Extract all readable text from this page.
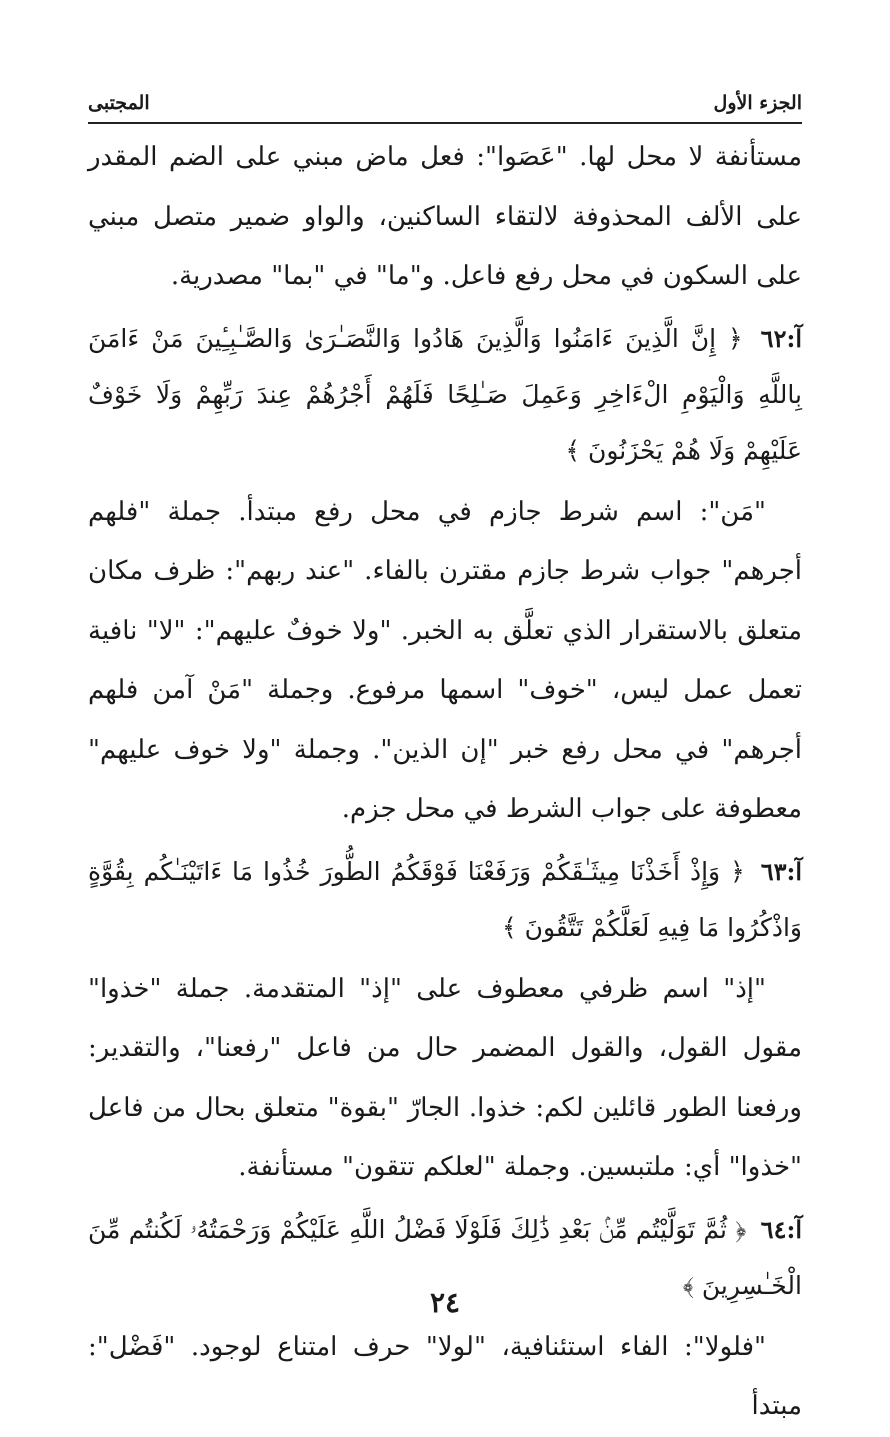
الجزء الأول
المجتبى

مستأنفة لا محل لها. "عَصَوا": فعل ماض مبني على الضم المقدر على الألف المحذوفة لالتقاء الساكنين، والواو ضمير متصل مبني على السكون في محل رفع فاعل. و"ما" في "بما" مصدرية.

آ:٦٢ ﴿ إِنَّ الَّذِينَ ءَامَنُوا وَالَّذِينَ هَادُوا وَالنَّصَـٰرَىٰ وَالصَّـٰبِـِٔينَ مَنْ ءَامَنَ بِاللَّهِ وَالْيَوْمِ الْءَاخِرِ وَعَمِلَ صَـٰلِحًا فَلَهُمْ أَجْرُهُمْ عِندَ رَبِّهِمْ وَلَا خَوْفٌ عَلَيْهِمْ وَلَا هُمْ يَحْزَنُونَ ﴾

"مَن": اسم شرط جازم في محل رفع مبتدأ. جملة "فلهم أجرهم" جواب شرط جازم مقترن بالفاء. "عند ربهم": ظرف مكان متعلق بالاستقرار الذي تعلَّق به الخبر. "ولا خوفٌ عليهم": "لا" نافية تعمل عمل ليس، "خوف" اسمها مرفوع. وجملة "مَنْ آمن فلهم أجرهم" في محل رفع خبر "إن الذين". وجملة "ولا خوف عليهم" معطوفة على جواب الشرط في محل جزم.

آ:٦٣ ﴿ وَإِذْ أَخَذْنَا مِيثَـٰقَكُمْ وَرَفَعْنَا فَوْقَكُمُ الطُّورَ خُذُوا مَا ءَاتَيْنَـٰكُم بِقُوَّةٍ وَاذْكُرُوا مَا فِيهِ لَعَلَّكُمْ تَتَّقُونَ ﴾

"إذ" اسم ظرفي معطوف على "إذ" المتقدمة. جملة "خذوا" مقول القول، والقول المضمر حال من فاعل "رفعنا"، والتقدير: ورفعنا الطور قائلين لكم: خذوا. الجارّ "بقوة" متعلق بحال من فاعل "خذوا" أي: ملتبسين. وجملة "لعلكم تتقون" مستأنفة.

آ:٦٤ ﴿ ثُمَّ تَوَلَّيْتُم مِّنۢ بَعْدِ ذَٰلِكَ فَلَوْلَا فَضْلُ اللَّهِ عَلَيْكُمْ وَرَحْمَتُهُۥ لَكُنتُم مِّنَ الْخَـٰسِرِينَ ﴾

"فلولا": الفاء استئنافية، "لولا" حرف امتناع لوجود. "فَضْل": مبتدأ

٢٤
